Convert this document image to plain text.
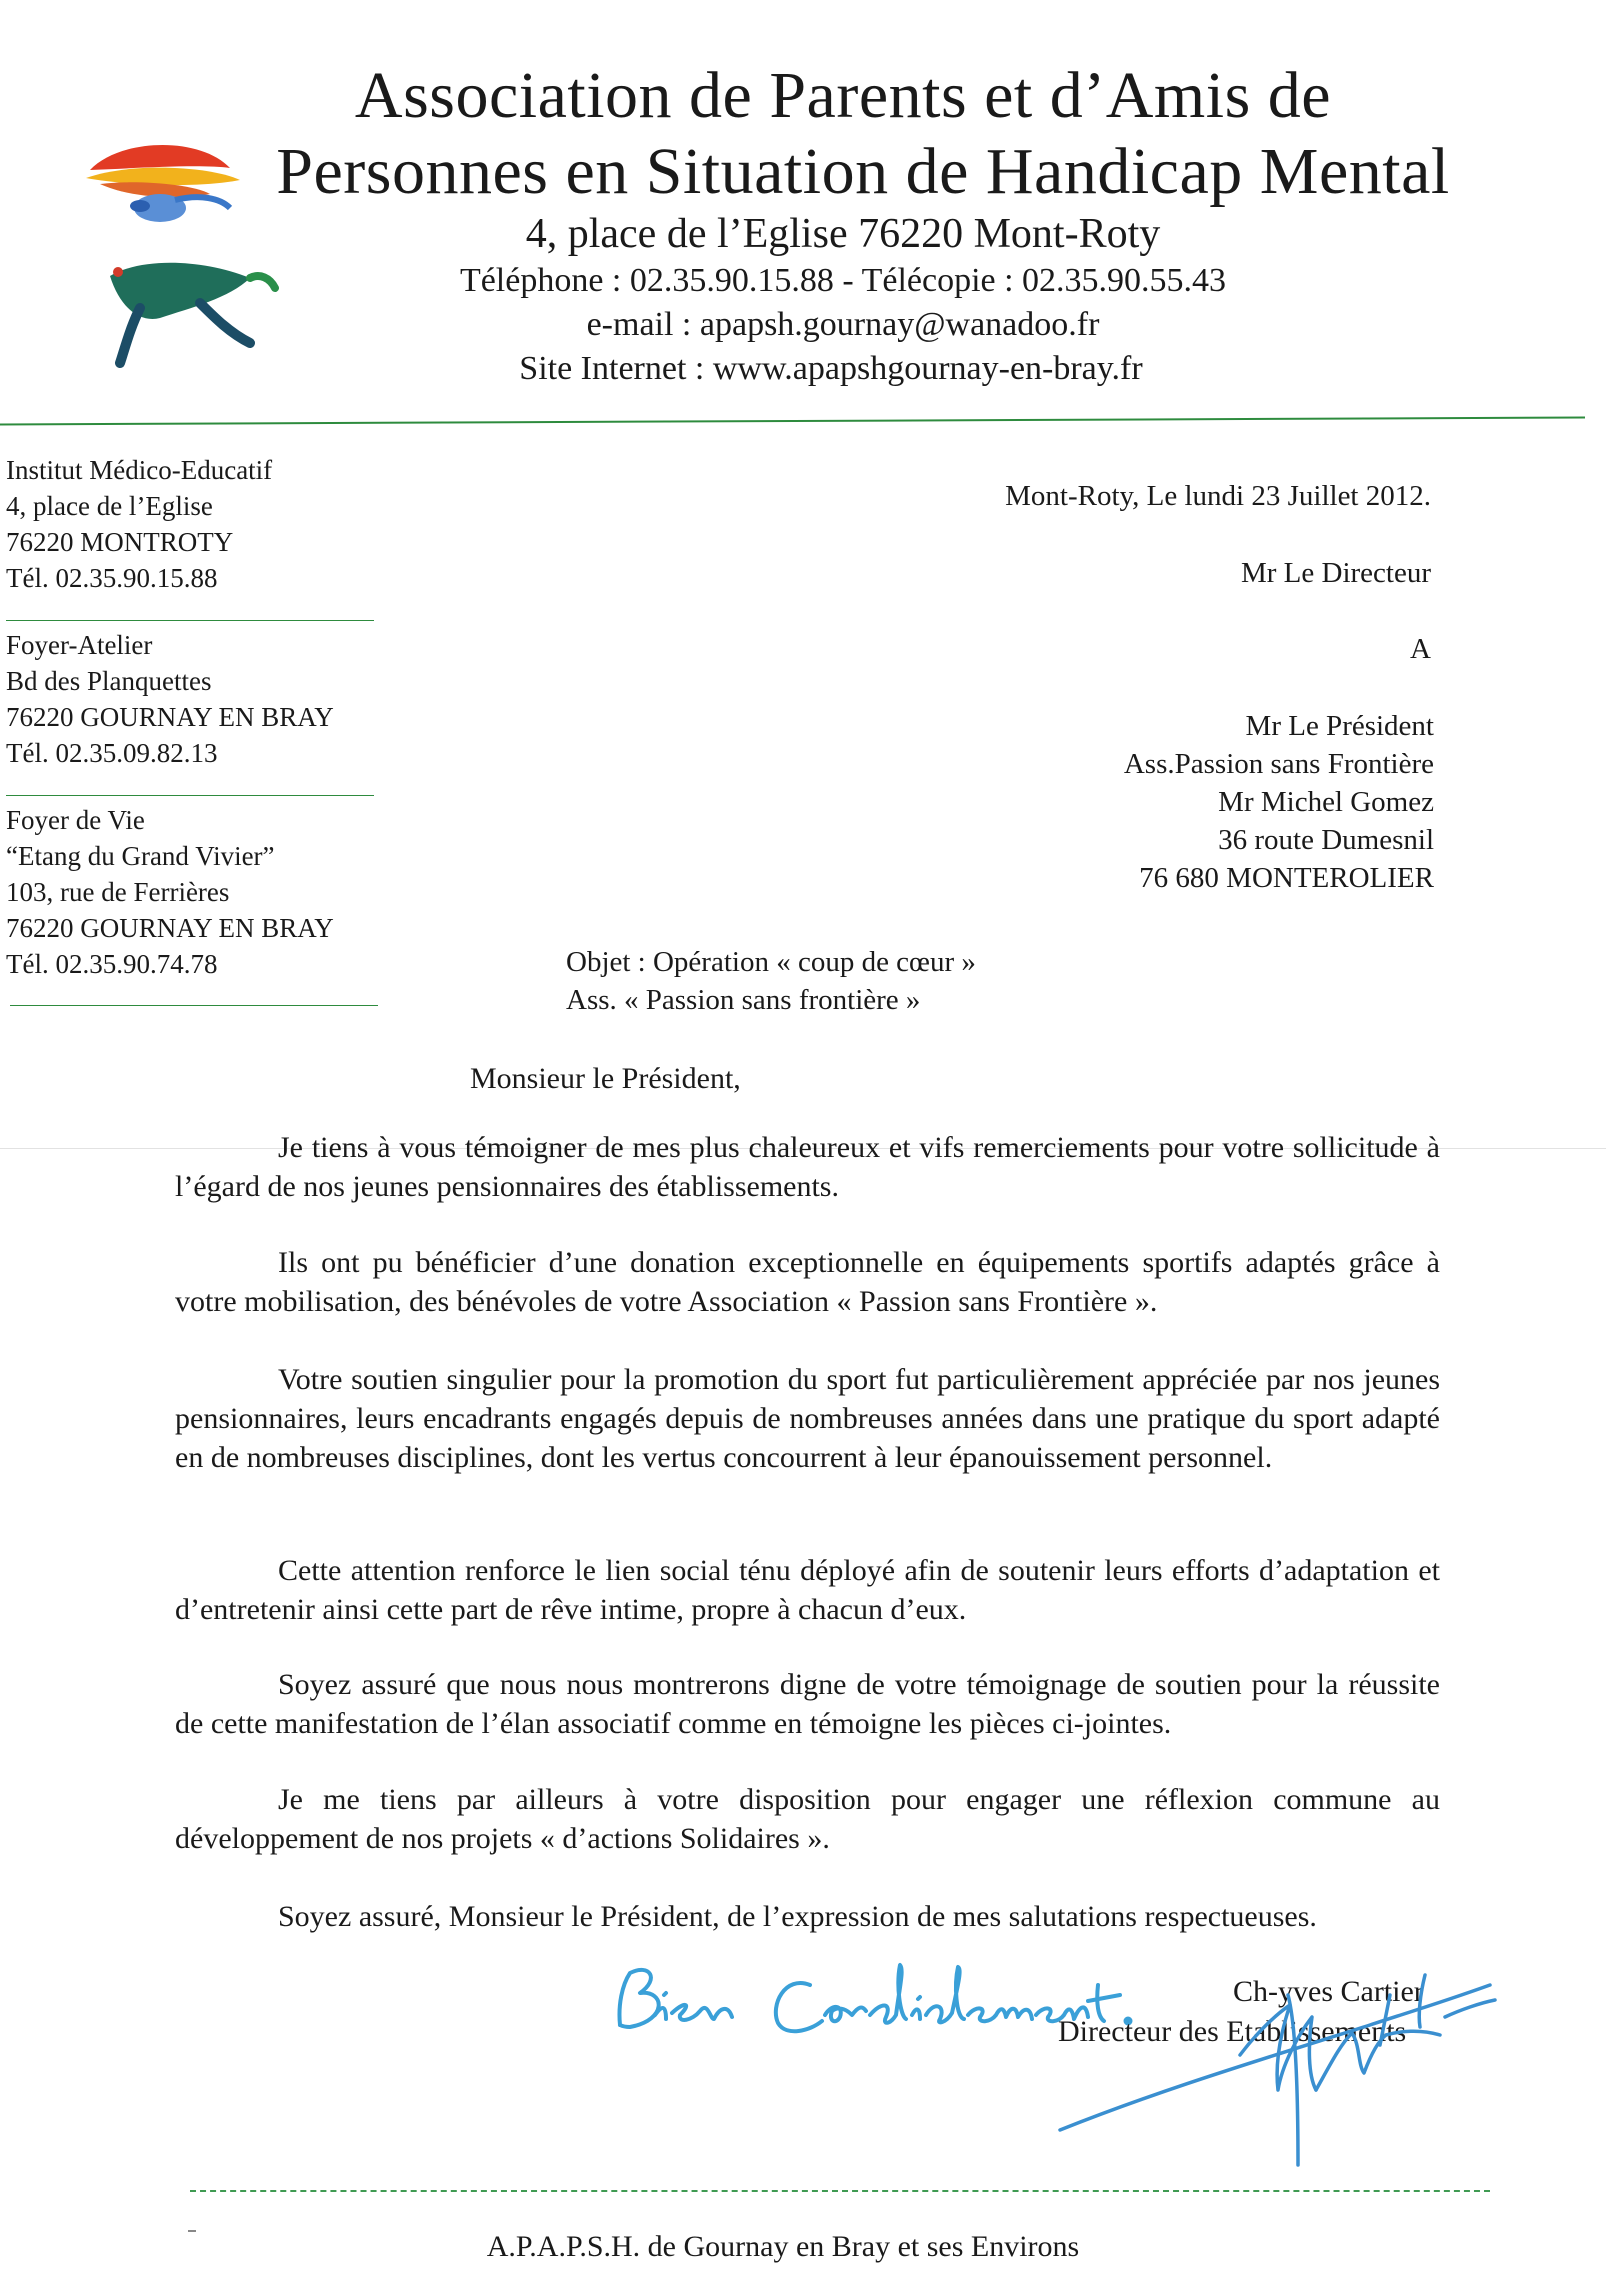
Association de Parents et d’Amis de
Personnes en Situation de Handicap Mental
4, place de l’Eglise 76220 Mont-Roty
Téléphone : 02.35.90.15.88 - Télécopie : 02.35.90.55.43
e-mail : apapsh.gournay@wanadoo.fr
Site Internet : www.apapshgournay-en-bray.fr
Institut Médico-Educatif
4, place de l’Eglise
76220 MONTROTY
Tél. 02.35.90.15.88
Foyer-Atelier
Bd des Planquettes
76220 GOURNAY EN BRAY
Tél. 02.35.09.82.13
Foyer de Vie
“Etang du Grand Vivier”
103, rue de Ferrières
76220 GOURNAY EN BRAY
Tél. 02.35.90.74.78
Mont-Roty, Le lundi 23 Juillet 2012.
Mr Le Directeur
A
Mr Le Président
Ass.Passion sans Frontière
Mr Michel Gomez
36 route Dumesnil
76 680 MONTEROLIER
Objet : Opération « coup de cœur »
Ass. « Passion sans frontière »
Monsieur le Président,
Je tiens à vous témoigner de mes plus chaleureux et vifs remerciements pour votre sollicitude à l’égard de nos jeunes pensionnaires des établissements.
Ils ont pu bénéficier d’une donation exceptionnelle en équipements sportifs adaptés grâce à votre mobilisation, des bénévoles de votre Association « Passion sans Frontière ».
Votre soutien singulier pour la promotion du sport fut particulièrement appréciée par nos jeunes pensionnaires, leurs encadrants engagés depuis de nombreuses années dans une pratique du sport adapté en de nombreuses disciplines, dont les vertus concourrent à leur épanouissement personnel.
Cette attention renforce le lien social ténu déployé afin de soutenir leurs efforts d’adaptation et d’entretenir ainsi cette part de rêve intime, propre à chacun d’eux.
Soyez assuré que nous nous montrerons digne de votre témoignage de soutien pour la réussite de cette manifestation de l’élan associatif comme en témoigne les pièces ci-jointes.
Je me tiens par ailleurs à votre disposition pour engager une réflexion commune au développement de nos projets « d’actions Solidaires ».
Soyez assuré, Monsieur le Président, de l’expression de mes salutations respectueuses.
Ch-yves Cartier
Directeur des Etablissements
A.P.A.P.S.H. de Gournay en Bray et ses Environs
